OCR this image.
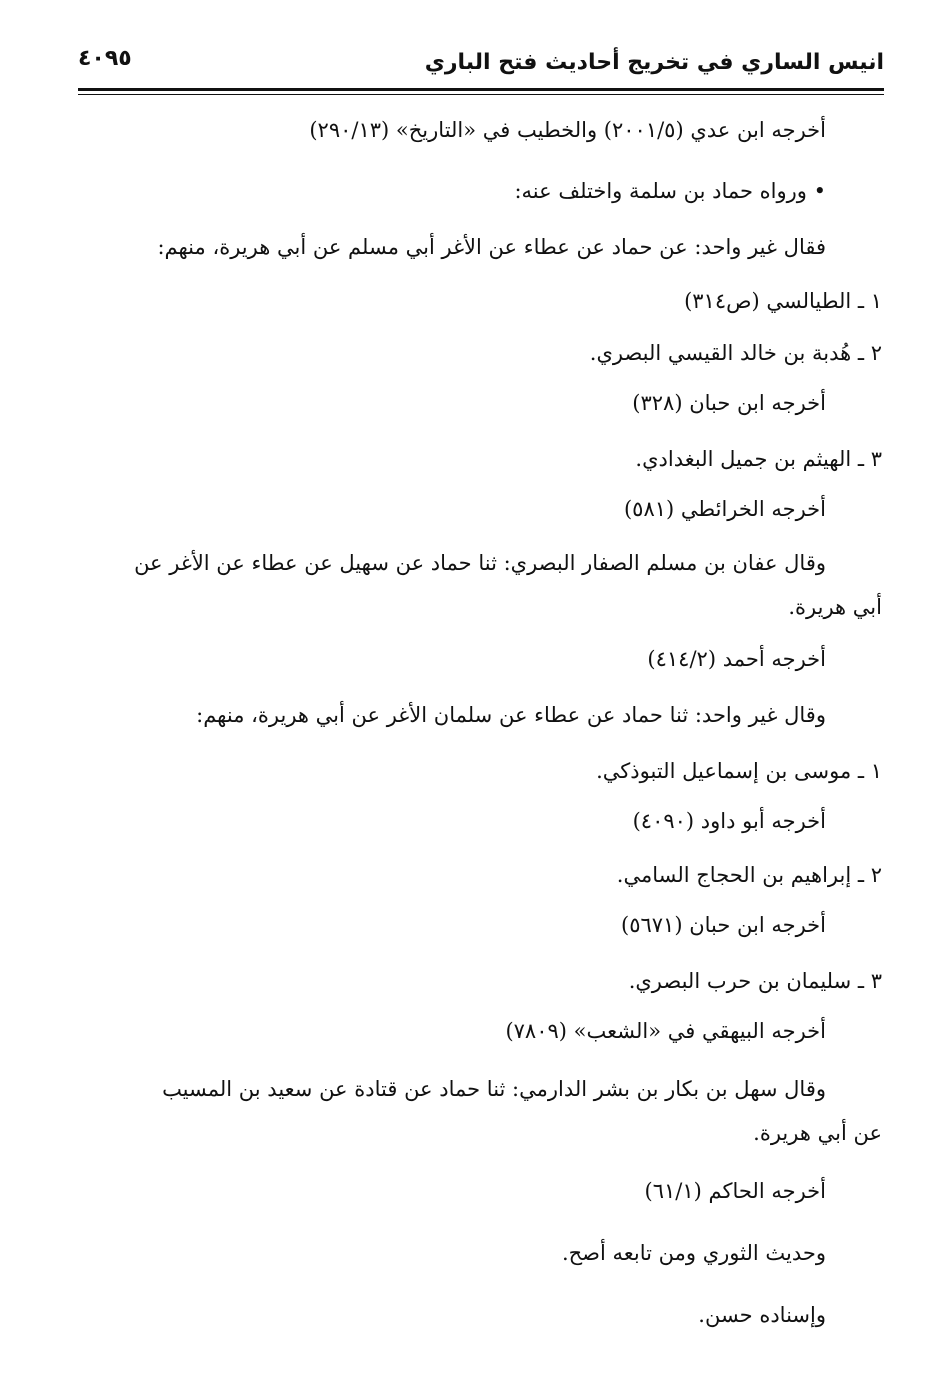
انيس الساري في تخريج أحاديث فتح الباري
٤٠٩٥
أخرجه ابن عدي (٢٠٠١/٥) والخطيب في «التاريخ» (٢٩٠/١٣)
• ورواه حماد بن سلمة واختلف عنه:
فقال غير واحد: عن حماد عن عطاء عن الأغر أبي مسلم عن أبي هريرة، منهم:
١ ـ الطيالسي (ص٣١٤)
٢ ـ هُدبة بن خالد القيسي البصري.
أخرجه ابن حبان (٣٢٨)
٣ ـ الهيثم بن جميل البغدادي.
أخرجه الخرائطي (٥٨١)
وقال عفان بن مسلم الصفار البصري: ثنا حماد عن سهيل عن عطاء عن الأغر عن
أبي هريرة.
أخرجه أحمد (٤١٤/٢)
وقال غير واحد: ثنا حماد عن عطاء عن سلمان الأغر عن أبي هريرة، منهم:
١ ـ موسى بن إسماعيل التبوذكي.
أخرجه أبو داود (٤٠٩٠)
٢ ـ إبراهيم بن الحجاج السامي.
أخرجه ابن حبان (٥٦٧١)
٣ ـ سليمان بن حرب البصري.
أخرجه البيهقي في «الشعب» (٧٨٠٩)
وقال سهل بن بكار بن بشر الدارمي: ثنا حماد عن قتادة عن سعيد بن المسيب
عن أبي هريرة.
أخرجه الحاكم (٦١/١)
وحديث الثوري ومن تابعه أصح.
وإسناده حسن.
